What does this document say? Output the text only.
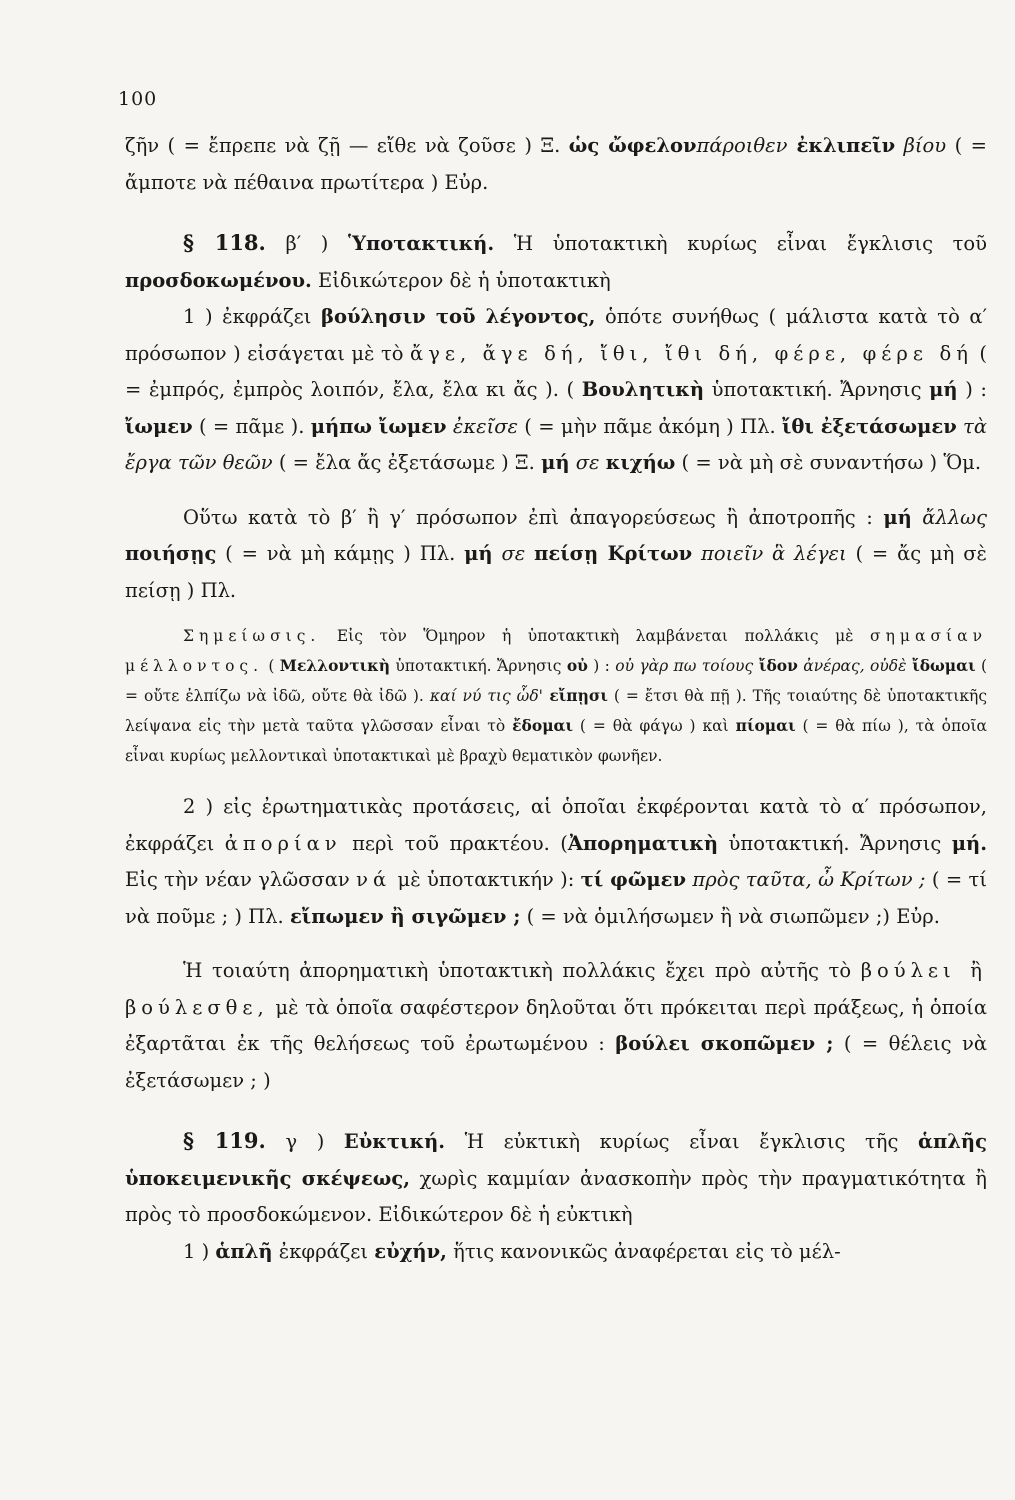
100

ζῆν ( = ἔπρεπε νὰ ζῇ — εἴθε νὰ ζοῦσε ) Ξ. ὡς ὤφελονπάροιθεν ἐκλιπεῖν βίου ( = ἄμποτε νὰ πέθαινα πρωτίτερα ) Εὐρ.

§ 118. β′ ) Ὑποτακτική. Ἡ ὑποτακτικὴ κυρίως εἶναι ἔγκλισις τοῦ προσδοκωμένου. Εἰδικώτερον δὲ ἡ ὑποτακτικὴ

1 ) ἐκφράζει βούλησιν τοῦ λέγοντος, ὁπότε συνήθως ( μάλιστα κατὰ τὸ α′ πρόσωπον ) εἰσάγεται μὲ τὸ ἄγε, ἄγε δή, ἴθι, ἴθι δή, φέρε, φέρε δή ( = ἐμπρός, ἐμπρὸς λοιπόν, ἔλα, ἔλα κι ἄς ). ( Βουλητικὴ ὑποτακτική. Ἄρνησις μή ) : ἴωμεν ( = πᾶμε ). μήπω ἴωμεν ἐκεῖσε ( = μὴν πᾶμε ἀκόμη ) Πλ. ἴθι ἐξετάσωμεν τὰ ἔργα τῶν θεῶν ( = ἔλα ἄς ἐξετάσωμε ) Ξ. μή σε κιχήω ( = νὰ μὴ σὲ συναντήσω ) Ὅμ.

Οὕτω κατὰ τὸ β′ ἢ γ′ πρόσωπον ἐπὶ ἀπαγορεύσεως ἢ ἀποτροπῆς : μή ἄλλως ποιήσῃς ( = νὰ μὴ κάμῃς ) Πλ. μή σε πείσῃ Κρίτων ποιεῖν ἃ λέγει ( = ἄς μὴ σὲ πείσῃ ) Πλ.

Σημείωσις. Εἰς τὸν Ὅμηρον ἡ ὑποτακτικὴ λαμβάνεται πολλάκις μὲ σημασίαν μέλλοντος. ( Μελλοντικὴ ὑποτακτική. Ἄρνησις οὐ ) : οὐ γὰρ πω τοίους ἴδον ἀνέρας, οὐδὲ ἴδωμαι ( = οὔτε ἐλπίζω νὰ ἰδῶ, οὔτε θὰ ἰδῶ ). καί νύ τις ὧδ' εἴπῃσι ( = ἔτσι θὰ πῇ ). Τῆς τοιαύτης δὲ ὑποτακτικῆς λείψανα εἰς τὴν μετὰ ταῦτα γλῶσσαν εἶναι τὸ ἔδομαι ( = θὰ φάγω ) καὶ πίομαι ( = θὰ πίω ), τὰ ὁποῖα εἶναι κυρίως μελλοντικαὶ ὑποτακτικαὶ μὲ βραχὺ θεματικὸν φωνῆεν.

2 ) εἰς ἐρωτηματικὰς προτάσεις, αἱ ὁποῖαι ἐκφέρονται κατὰ τὸ α′ πρόσωπον, ἐκφράζει ἀπορίαν περὶ τοῦ πρακτέου. (Ἀπορηματικὴ ὑποτακτική. Ἄρνησις μή. Εἰς τὴν νέαν γλῶσσαν νά μὲ ὑποτακτικήν ): τί φῶμεν πρὸς ταῦτα, ὦ Κρίτων ; ( = τί νὰ ποῦμε ; ) Πλ. εἴπωμεν ἢ σιγῶμεν ; ( = νὰ ὁμιλήσωμεν ἢ νὰ σιωπῶμεν ;) Εὐρ.

Ἡ τοιαύτη ἀπορηματικὴ ὑποτακτικὴ πολλάκις ἔχει πρὸ αὐτῆς τὸ βούλει ἢ βούλεσθε, μὲ τὰ ὁποῖα σαφέστερον δηλοῦται ὅτι πρόκειται περὶ πράξεως, ἡ ὁποία ἐξαρτᾶται ἐκ τῆς θελήσεως τοῦ ἐρωτωμένου : βούλει σκοπῶμεν ; ( = θέλεις νὰ ἐξετάσωμεν ; )

§ 119. γ ) Εὐκτική. Ἡ εὐκτικὴ κυρίως εἶναι ἔγκλισις τῆς ἁπλῆς ὑποκειμενικῆς σκέψεως, χωρὶς καμμίαν ἀνασκοπὴν πρὸς τὴν πραγματικότητα ἢ πρὸς τὸ προσδοκώμενον. Εἰδικώτερον δὲ ἡ εὐκτικὴ

1 ) ἁπλῆ ἐκφράζει εὐχήν, ἥτις κανονικῶς ἀναφέρεται εἰς τὸ μέλ-
